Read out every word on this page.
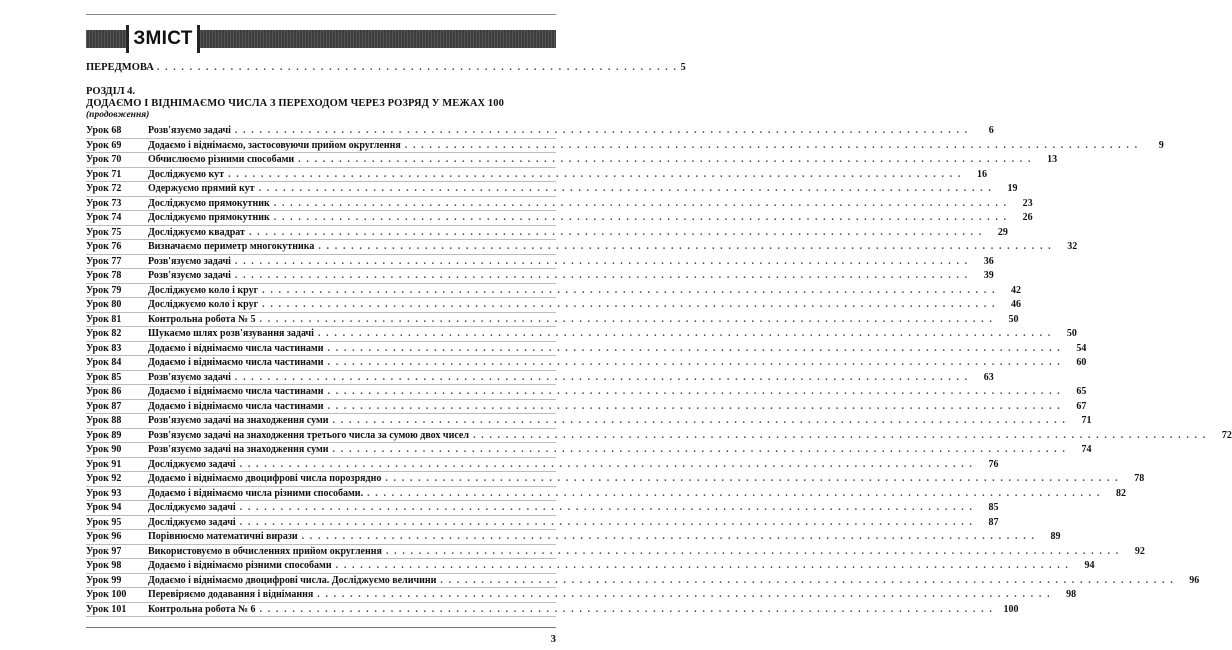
ЗМІСТ
ПЕРЕДМОВА . . . . . . . . . . . . . . . . . . . . . . . . . . . . . . . . . . . . . . . . . . . . . . . . . . . . . . . . . . . . . . . . 5
РОЗДІЛ 4.
ДОДАЄМО І ВІДНІМАЄМО ЧИСЛА З ПЕРЕХОДОМ ЧЕРЕЗ РОЗРЯД У МЕЖАХ 100
(продовження)
Урок 68	Розв'язуємо задачі . . . . . . . . . . . . . . . . . . . . . . . . . . . . . . . . . . . . . . . . . . . . . . . . . . . . . . . . . . . . . . . . . . . . . . . . . . . . . . . . . . . . . . . . . .	6
Урок 69	Додаємо і віднімаємо, застосовуючи прийом округлення . . . . . . . . . . . . . . . . . . . . . . . . . . . . . . . . . . . . . . . . . . . . . . . . . . . . . . . . . . . . . . . . . . . . . . . . . . . . . . . . . . . . . . . . . .	9
Урок 70	Обчислюємо різними способами . . . . . . . . . . . . . . . . . . . . . . . . . . . . . . . . . . . . . . . . . . . . . . . . . . . . . . . . . . . . . . . . . . . . . . . . . . . . . . . . . . . . . . . . . .	13
Урок 71	Досліджуємо кут . . . . . . . . . . . . . . . . . . . . . . . . . . . . . . . . . . . . . . . . . . . . . . . . . . . . . . . . . . . . . . . . . . . . . . . . . . . . . . . . . . . . . . . . . .	16
Урок 72	Одержуємо прямий кут . . . . . . . . . . . . . . . . . . . . . . . . . . . . . . . . . . . . . . . . . . . . . . . . . . . . . . . . . . . . . . . . . . . . . . . . . . . . . . . . . . . . . . . . . .	19
Урок 73	Досліджуємо прямокутник . . . . . . . . . . . . . . . . . . . . . . . . . . . . . . . . . . . . . . . . . . . . . . . . . . . . . . . . . . . . . . . . . . . . . . . . . . . . . . . . . . . . . . . . . .	23
Урок 74	Досліджуємо прямокутник . . . . . . . . . . . . . . . . . . . . . . . . . . . . . . . . . . . . . . . . . . . . . . . . . . . . . . . . . . . . . . . . . . . . . . . . . . . . . . . . . . . . . . . . . .	26
Урок 75	Досліджуємо квадрат . . . . . . . . . . . . . . . . . . . . . . . . . . . . . . . . . . . . . . . . . . . . . . . . . . . . . . . . . . . . . . . . . . . . . . . . . . . . . . . . . . . . . . . . . .	29
Урок 76	Визначаємо периметр многокутника . . . . . . . . . . . . . . . . . . . . . . . . . . . . . . . . . . . . . . . . . . . . . . . . . . . . . . . . . . . . . . . . . . . . . . . . . . . . . . . . . . . . . . . . . .	32
Урок 77	Розв'язуємо задачі . . . . . . . . . . . . . . . . . . . . . . . . . . . . . . . . . . . . . . . . . . . . . . . . . . . . . . . . . . . . . . . . . . . . . . . . . . . . . . . . . . . . . . . . . .	36
Урок 78	Розв'язуємо задачі . . . . . . . . . . . . . . . . . . . . . . . . . . . . . . . . . . . . . . . . . . . . . . . . . . . . . . . . . . . . . . . . . . . . . . . . . . . . . . . . . . . . . . . . . .	39
Урок 79	Досліджуємо коло і круг . . . . . . . . . . . . . . . . . . . . . . . . . . . . . . . . . . . . . . . . . . . . . . . . . . . . . . . . . . . . . . . . . . . . . . . . . . . . . . . . . . . . . . . . . .	42
Урок 80	Досліджуємо коло і круг . . . . . . . . . . . . . . . . . . . . . . . . . . . . . . . . . . . . . . . . . . . . . . . . . . . . . . . . . . . . . . . . . . . . . . . . . . . . . . . . . . . . . . . . . .	46
Урок 81	Контрольна робота № 5 . . . . . . . . . . . . . . . . . . . . . . . . . . . . . . . . . . . . . . . . . . . . . . . . . . . . . . . . . . . . . . . . . . . . . . . . . . . . . . . . . . . . . . . . . .	50
Урок 82	Шукаємо шлях розв'язування задачі . . . . . . . . . . . . . . . . . . . . . . . . . . . . . . . . . . . . . . . . . . . . . . . . . . . . . . . . . . . . . . . . . . . . . . . . . . . . . . . . . . . . . . . . . .	50
Урок 83	Додаємо і віднімаємо числа частинами . . . . . . . . . . . . . . . . . . . . . . . . . . . . . . . . . . . . . . . . . . . . . . . . . . . . . . . . . . . . . . . . . . . . . . . . . . . . . . . . . . . . . . . . . .	54
Урок 84	Додаємо і віднімаємо числа частинами . . . . . . . . . . . . . . . . . . . . . . . . . . . . . . . . . . . . . . . . . . . . . . . . . . . . . . . . . . . . . . . . . . . . . . . . . . . . . . . . . . . . . . . . . .	60
Урок 85	Розв'язуємо задачі . . . . . . . . . . . . . . . . . . . . . . . . . . . . . . . . . . . . . . . . . . . . . . . . . . . . . . . . . . . . . . . . . . . . . . . . . . . . . . . . . . . . . . . . . .	63
Урок 86	Додаємо і віднімаємо числа частинами . . . . . . . . . . . . . . . . . . . . . . . . . . . . . . . . . . . . . . . . . . . . . . . . . . . . . . . . . . . . . . . . . . . . . . . . . . . . . . . . . . . . . . . . . .	65
Урок 87	Додаємо і віднімаємо числа частинами . . . . . . . . . . . . . . . . . . . . . . . . . . . . . . . . . . . . . . . . . . . . . . . . . . . . . . . . . . . . . . . . . . . . . . . . . . . . . . . . . . . . . . . . . .	67
Урок 88	Розв'язуємо задачі на знаходження суми . . . . . . . . . . . . . . . . . . . . . . . . . . . . . . . . . . . . . . . . . . . . . . . . . . . . . . . . . . . . . . . . . . . . . . . . . . . . . . . . . . . . . . . . . .	71
Урок 89	Розв'язуємо задачі на знаходження третього числа за сумою двох чисел . . . . . . . . . . . . . . . . . . . . . . . . . . . . . . . . . . . . . . . . . . . . . . . . . . . . . . . . . . . . . . . . . . . . . . . . . . . . . . . . . . . . . . . . . .	72
Урок 90	Розв'язуємо задачі на знаходження суми . . . . . . . . . . . . . . . . . . . . . . . . . . . . . . . . . . . . . . . . . . . . . . . . . . . . . . . . . . . . . . . . . . . . . . . . . . . . . . . . . . . . . . . . . .	74
Урок 91	Досліджуємо задачі . . . . . . . . . . . . . . . . . . . . . . . . . . . . . . . . . . . . . . . . . . . . . . . . . . . . . . . . . . . . . . . . . . . . . . . . . . . . . . . . . . . . . . . . . .	76
Урок 92	Додаємо і віднімаємо двоцифрові числа порозрядно . . . . . . . . . . . . . . . . . . . . . . . . . . . . . . . . . . . . . . . . . . . . . . . . . . . . . . . . . . . . . . . . . . . . . . . . . . . . . . . . . . . . . . . . . .	78
Урок 93	Додаємо і віднімаємо числа різними способами. . . . . . . . . . . . . . . . . . . . . . . . . . . . . . . . . . . . . . . . . . . . . . . . . . . . . . . . . . . . . . . . . . . . . . . . . . . . . . . . . . . . . . . . . . .	82
Урок 94	Досліджуємо задачі . . . . . . . . . . . . . . . . . . . . . . . . . . . . . . . . . . . . . . . . . . . . . . . . . . . . . . . . . . . . . . . . . . . . . . . . . . . . . . . . . . . . . . . . . .	85
Урок 95	Досліджуємо задачі . . . . . . . . . . . . . . . . . . . . . . . . . . . . . . . . . . . . . . . . . . . . . . . . . . . . . . . . . . . . . . . . . . . . . . . . . . . . . . . . . . . . . . . . . .	87
Урок 96	Порівнюємо математичні вирази . . . . . . . . . . . . . . . . . . . . . . . . . . . . . . . . . . . . . . . . . . . . . . . . . . . . . . . . . . . . . . . . . . . . . . . . . . . . . . . . . . . . . . . . . .	89
Урок 97	Використовуємо в обчисленнях прийом округлення . . . . . . . . . . . . . . . . . . . . . . . . . . . . . . . . . . . . . . . . . . . . . . . . . . . . . . . . . . . . . . . . . . . . . . . . . . . . . . . . . . . . . . . . . .	92
Урок 98	Додаємо і віднімаємо різними способами . . . . . . . . . . . . . . . . . . . . . . . . . . . . . . . . . . . . . . . . . . . . . . . . . . . . . . . . . . . . . . . . . . . . . . . . . . . . . . . . . . . . . . . . . .	94
Урок 99	Додаємо і віднімаємо двоцифрові числа. Досліджуємо величини . . . . . . . . . . . . . . . . . . . . . . . . . . . . . . . . . . . . . . . . . . . . . . . . . . . . . . . . . . . . . . . . . . . . . . . . . . . . . . . . . . . . . . . . . .	96
Урок 100	Перевіряємо додавання і віднімання . . . . . . . . . . . . . . . . . . . . . . . . . . . . . . . . . . . . . . . . . . . . . . . . . . . . . . . . . . . . . . . . . . . . . . . . . . . . . . . . . . . . . . . . . .	98
Урок 101	Контрольна робота № 6 . . . . . . . . . . . . . . . . . . . . . . . . . . . . . . . . . . . . . . . . . . . . . . . . . . . . . . . . . . . . . . . . . . . . . . . . . . . . . . . . . . . . . . . . . .	100
3
